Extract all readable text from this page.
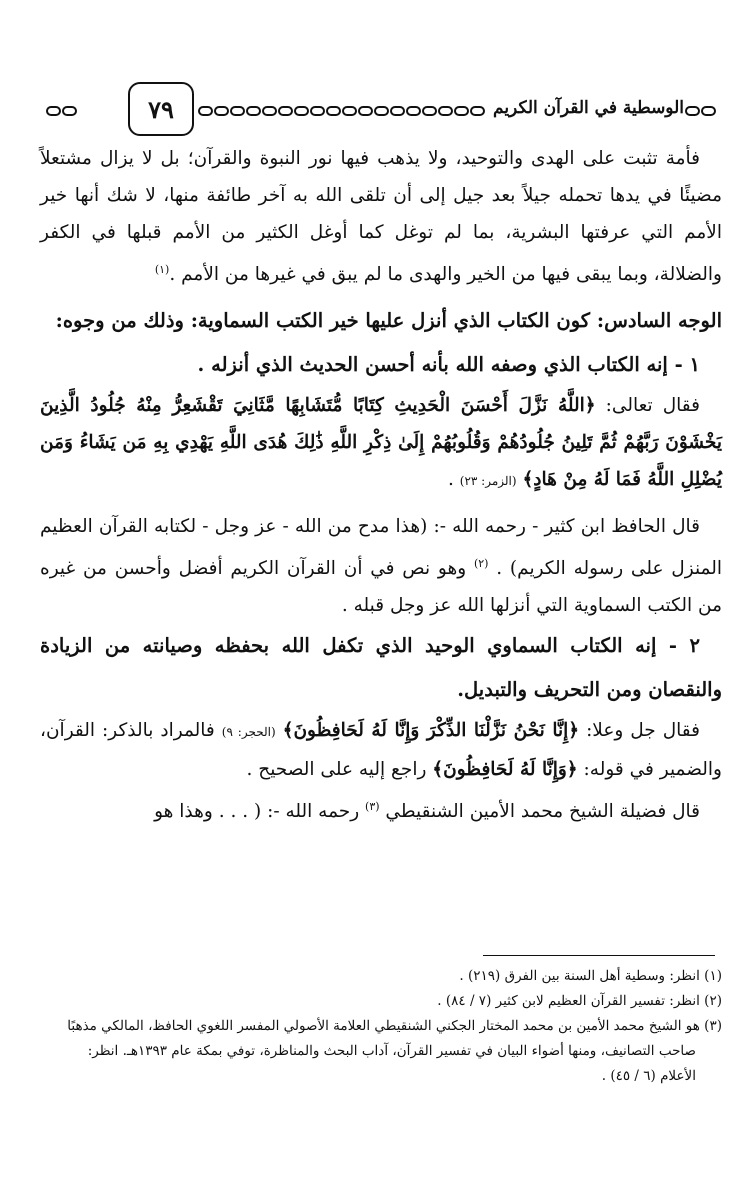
٧٩	الوسطية في القرآن الكريم

فأمة تثبت على الهدى والتوحيد، ولا يذهب فيها نور النبوة والقرآن؛ بل لا يزال مشتعلاً مضيئًا في يدها تحمله جيلاً بعد جيل إلى أن تلقى الله به آخر طائفة منها، لا شك أنها خير الأمم التي عرفتها البشرية، بما لم توغل كما أوغل الكثير من الأمم قبلها في الكفر والضلالة، وبما يبقى فيها من الخير والهدى ما لم يبق في غيرها من الأمم .$^{(١)}$

الوجه السادس: كون الكتاب الذي أنزل عليها خير الكتب السماوية: وذلك من وجوه:

١ - إنه الكتاب الذي وصفه الله بأنه أحسن الحديث الذي أنزله .

فقال تعالى: ﴿اللَّهُ نَزَّلَ أَحْسَنَ الْحَدِيثِ كِتَابًا مُّتَشَابِهًا مَّثَانِيَ تَقْشَعِرُّ مِنْهُ جُلُودُ الَّذِينَ يَخْشَوْنَ رَبَّهُمْ ثُمَّ تَلِينُ جُلُودُهُمْ وَقُلُوبُهُمْ إِلَىٰ ذِكْرِ اللَّهِ ذَٰلِكَ هُدَى اللَّهِ يَهْدِي بِهِ مَن يَشَاءُ وَمَن يُضْلِلِ اللَّهُ فَمَا لَهُ مِنْ هَادٍ﴾ (الزمر: ٢٣) .

قال الحافظ ابن كثير - رحمه الله -: (هذا مدح من الله - عز وجل - لكتابه القرآن العظيم المنزل على رسوله الكريم) . $^{(٢)}$ وهو نص في أن القرآن الكريم أفضل وأحسن من غيره من الكتب السماوية التي أنزلها الله عز وجل قبله .

٢ - إنه الكتاب السماوي الوحيد الذي تكفل الله بحفظه وصيانته من الزيادة والنقصان ومن التحريف والتبديل.

فقال جل وعلا: ﴿إِنَّا نَحْنُ نَزَّلْنَا الذِّكْرَ وَإِنَّا لَهُ لَحَافِظُونَ﴾ (الحجر: ٩) فالمراد بالذكر: القرآن، والضمير في قوله: ﴿وَإِنَّا لَهُ لَحَافِظُونَ﴾ راجع إليه على الصحيح .

قال فضيلة الشيخ محمد الأمين الشنقيطي $^{(٣)}$ رحمه الله -: ( . . . وهذا هو

(١) انظر: وسطية أهل السنة بين الفرق (٢١٩) .

(٢) انظر: تفسير القرآن العظيم لابن كثير (٧ / ٨٤) .

(٣) هو الشيخ محمد الأمين بن محمد المختار الجكني الشنقيطي العلامة الأصولي المفسر اللغوي الحافظ، المالكي مذهبًا

صاحب التصانيف، ومنها أضواء البيان في تفسير القرآن، آداب البحث والمناظرة، توفي بمكة عام ١٣٩٣هـ. انظر:

الأعلام (٦ / ٤٥) .
